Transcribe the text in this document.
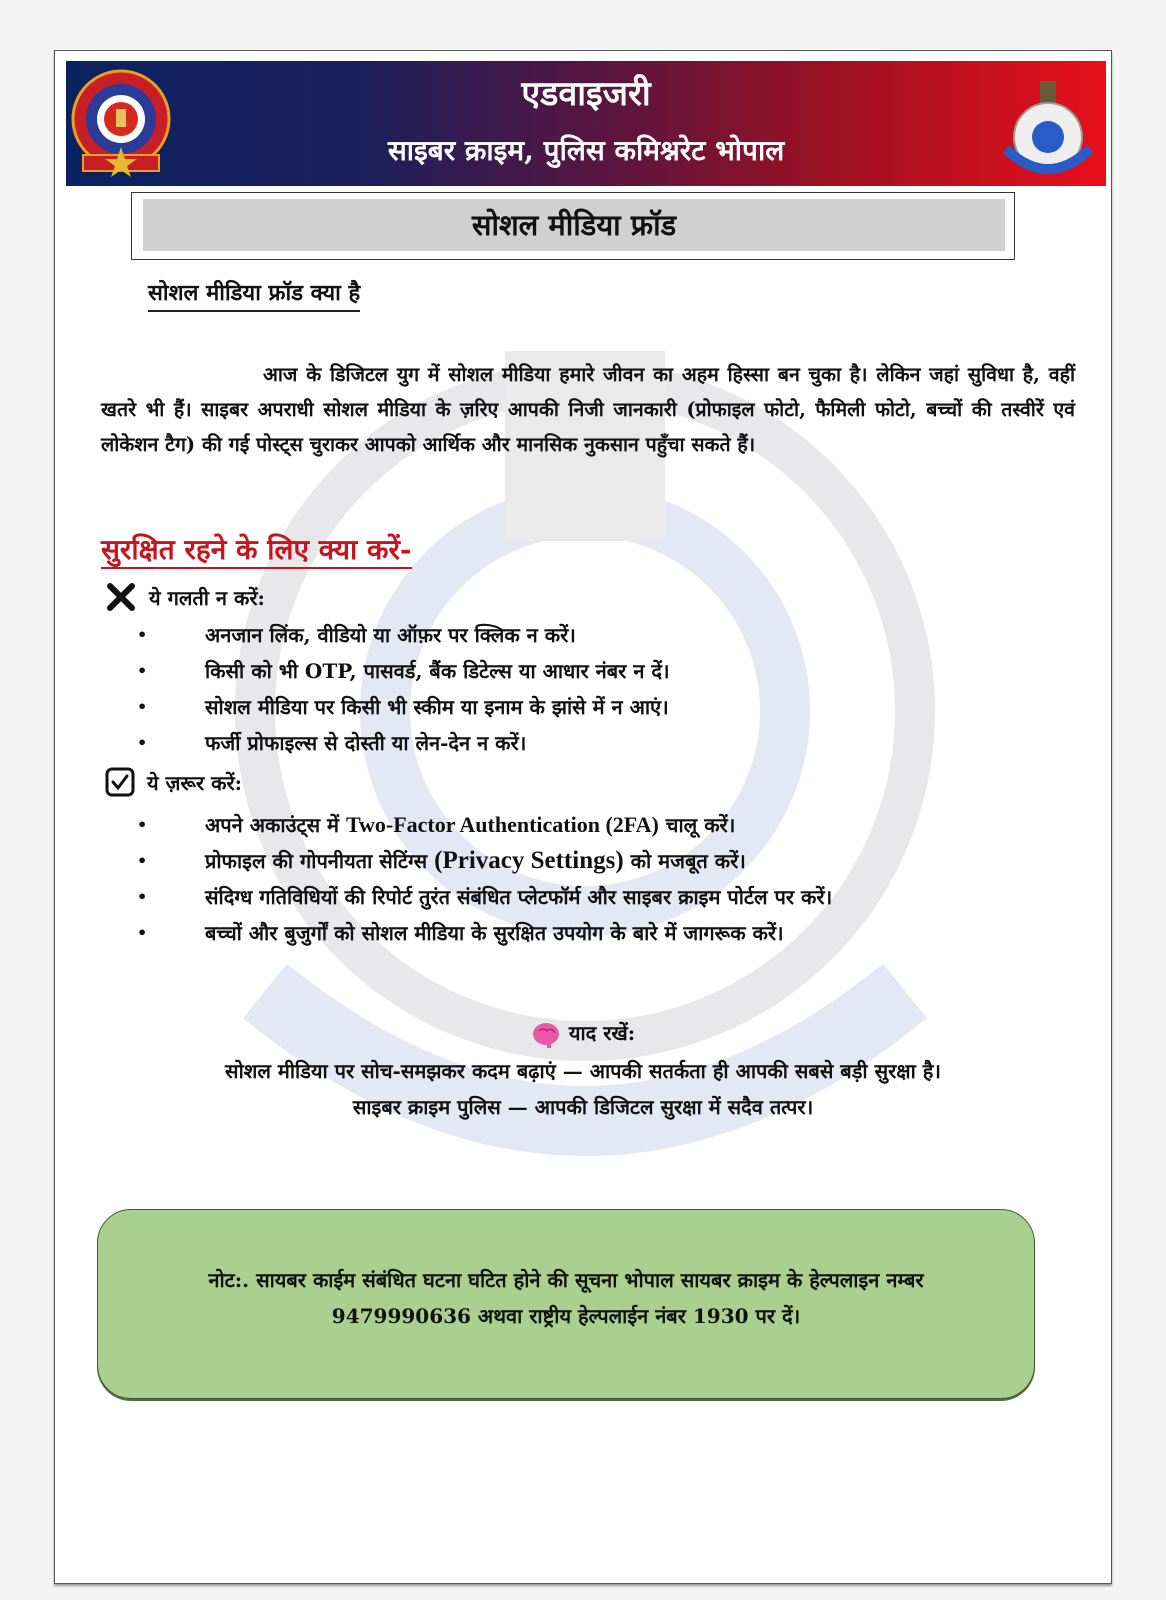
एडवाइजरी
साइबर क्राइम, पुलिस कमिश्नरेट भोपाल
सोशल मीडिया फ्रॉड
सोशल मीडिया फ्रॉड क्या है
आज के डिजिटल युग में सोशल मीडिया हमारे जीवन का अहम हिस्सा बन चुका है। लेकिन जहां सुविधा है, वहीं खतरे भी हैं। साइबर अपराधी सोशल मीडिया के ज़रिए आपकी निजी जानकारी (प्रोफाइल फोटो, फैमिली फोटो, बच्चों की तस्वीरें एवं लोकेशन टैग) की गई पोस्ट्स चुराकर आपको आर्थिक और मानसिक नुकसान पहुँचा सकते हैं।
सुरक्षित रहने के लिए क्या करें-
ये गलती न करें:
• अनजान लिंक, वीडियो या ऑफ़र पर क्लिक न करें।
• किसी को भी OTP, पासवर्ड, बैंक डिटेल्स या आधार नंबर न दें।
• सोशल मीडिया पर किसी भी स्कीम या इनाम के झांसे में न आएं।
• फर्जी प्रोफाइल्स से दोस्ती या लेन-देन न करें।
ये ज़रूर करें:
• अपने अकाउंट्स में Two-Factor Authentication (2FA) चालू करें।
• प्रोफाइल की गोपनीयता सेटिंग्स (Privacy Settings) को मजबूत करें।
• संदिग्ध गतिविधियों की रिपोर्ट तुरंत संबंधित प्लेटफॉर्म और साइबर क्राइम पोर्टल पर करें।
• बच्चों और बुजुर्गों को सोशल मीडिया के सुरक्षित उपयोग के बारे में जागरूक करें।
याद रखें:
सोशल मीडिया पर सोच-समझकर कदम बढ़ाएं — आपकी सतर्कता ही आपकी सबसे बड़ी सुरक्षा है।
साइबर क्राइम पुलिस — आपकी डिजिटल सुरक्षा में सदैव तत्पर।
नोट:. सायबर काईम संबंधित घटना घटित होने की सूचना भोपाल सायबर क्राइम के हेल्पलाइन नम्बर
9479990636 अथवा राष्ट्रीय हेल्पलाईन नंबर 1930 पर दें।
